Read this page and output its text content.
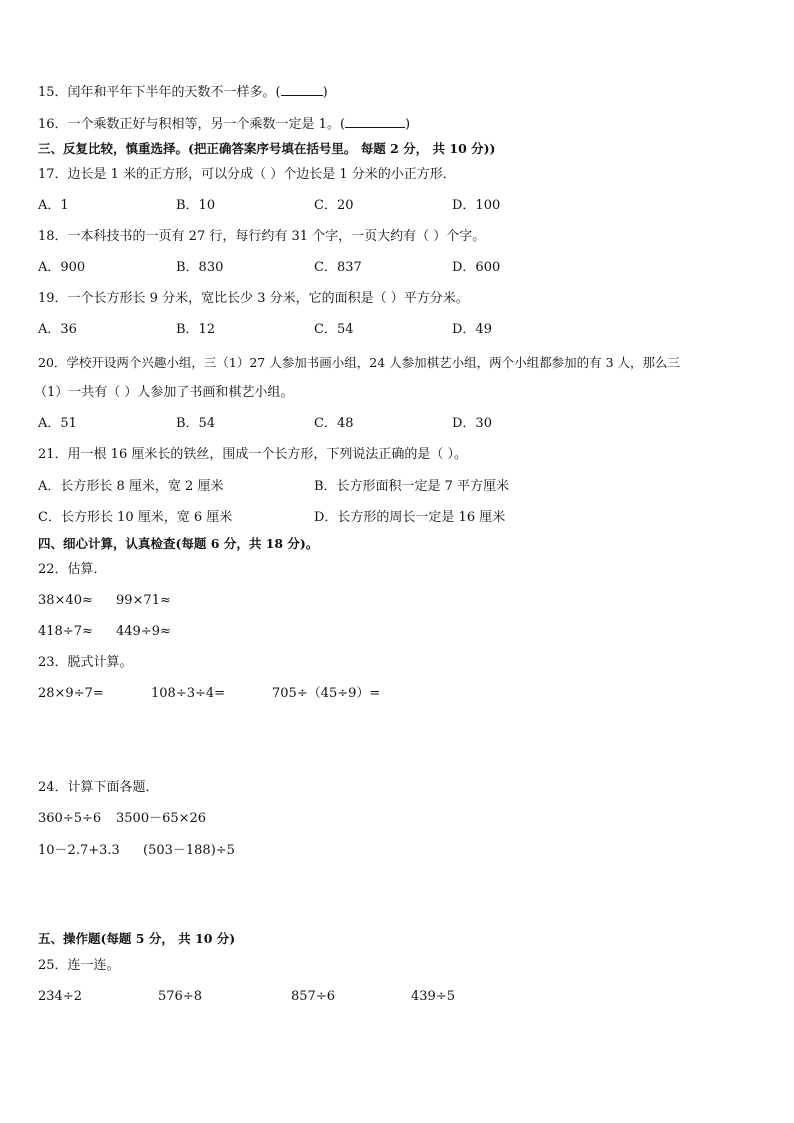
15．闰年和平年下半年的天数不一样多。(	)
16．一个乘数正好与积相等，另一个乘数一定是 1。(	)
三、反复比较，慎重选择。(把正确答案序号填在括号里。 每题 2 分， 共 10 分))
17．边长是 1 米的正方形，可以分成（ ）个边长是 1 分米的小正方形．
A．1	B．10	C．20	D．100
18．一本科技书的一页有 27 行，每行约有 31 个字，一页大约有（ ）个字。
A．900	B．830	C．837	D．600
19．一个长方形长 9 分米，宽比长少 3 分米，它的面积是（ ）平方分米。
A．36	B．12	C．54	D．49
20．学校开设两个兴趣小组，三（1）27 人参加书画小组，24 人参加棋艺小组，两个小组都参加的有 3 人，那么三
（1）一共有（ ）人参加了书画和棋艺小组。
A．51	B．54	C．48	D．30
21．用一根 16 厘米长的铁丝，围成一个长方形，下列说法正确的是（ ）。
A．长方形长 8 厘米，宽 2 厘米	B．长方形面积一定是 7 平方厘米
C．长方形长 10 厘米，宽 6 厘米	D．长方形的周长一定是 16 厘米
四、细心计算，认真检查(每题 6 分，共 18 分)。
22．估算．
38×40≈ 99×71≈
418÷7≈ 449÷9≈
23．脱式计算。
28×9÷7=	108÷3÷4=	705÷（45÷9）=
24．计算下面各题．
360÷5÷6 3500－65×26
10－2.7+3.3 (503－188)÷5
五、操作题(每题 5 分， 共 10 分)
25．连一连。
234÷2	576÷8	857÷6	439÷5
